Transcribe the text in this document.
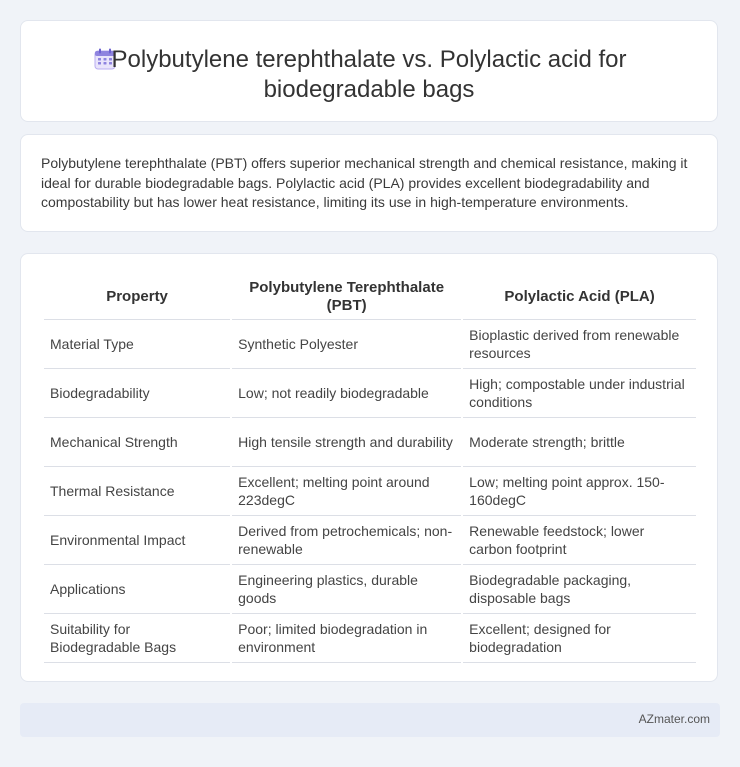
Polybutylene terephthalate vs. Polylactic acid for biodegradable bags
Polybutylene terephthalate (PBT) offers superior mechanical strength and chemical resistance, making it ideal for durable biodegradable bags. Polylactic acid (PLA) provides excellent biodegradability and compostability but has lower heat resistance, limiting its use in high-temperature environments.
Property	Polybutylene Terephthalate (PBT)	Polylactic Acid (PLA)
Material Type	Synthetic Polyester	Bioplastic derived from renewable resources
Biodegradability	Low; not readily biodegradable	High; compostable under industrial conditions
Mechanical Strength	High tensile strength and durability	Moderate strength; brittle
Thermal Resistance	Excellent; melting point around 223degC	Low; melting point approx. 150-160degC
Environmental Impact	Derived from petrochemicals; non-renewable	Renewable feedstock; lower carbon footprint
Applications	Engineering plastics, durable goods	Biodegradable packaging, disposable bags
Suitability for Biodegradable Bags	Poor; limited biodegradation in environment	Excellent; designed for biodegradation
AZmater.com
